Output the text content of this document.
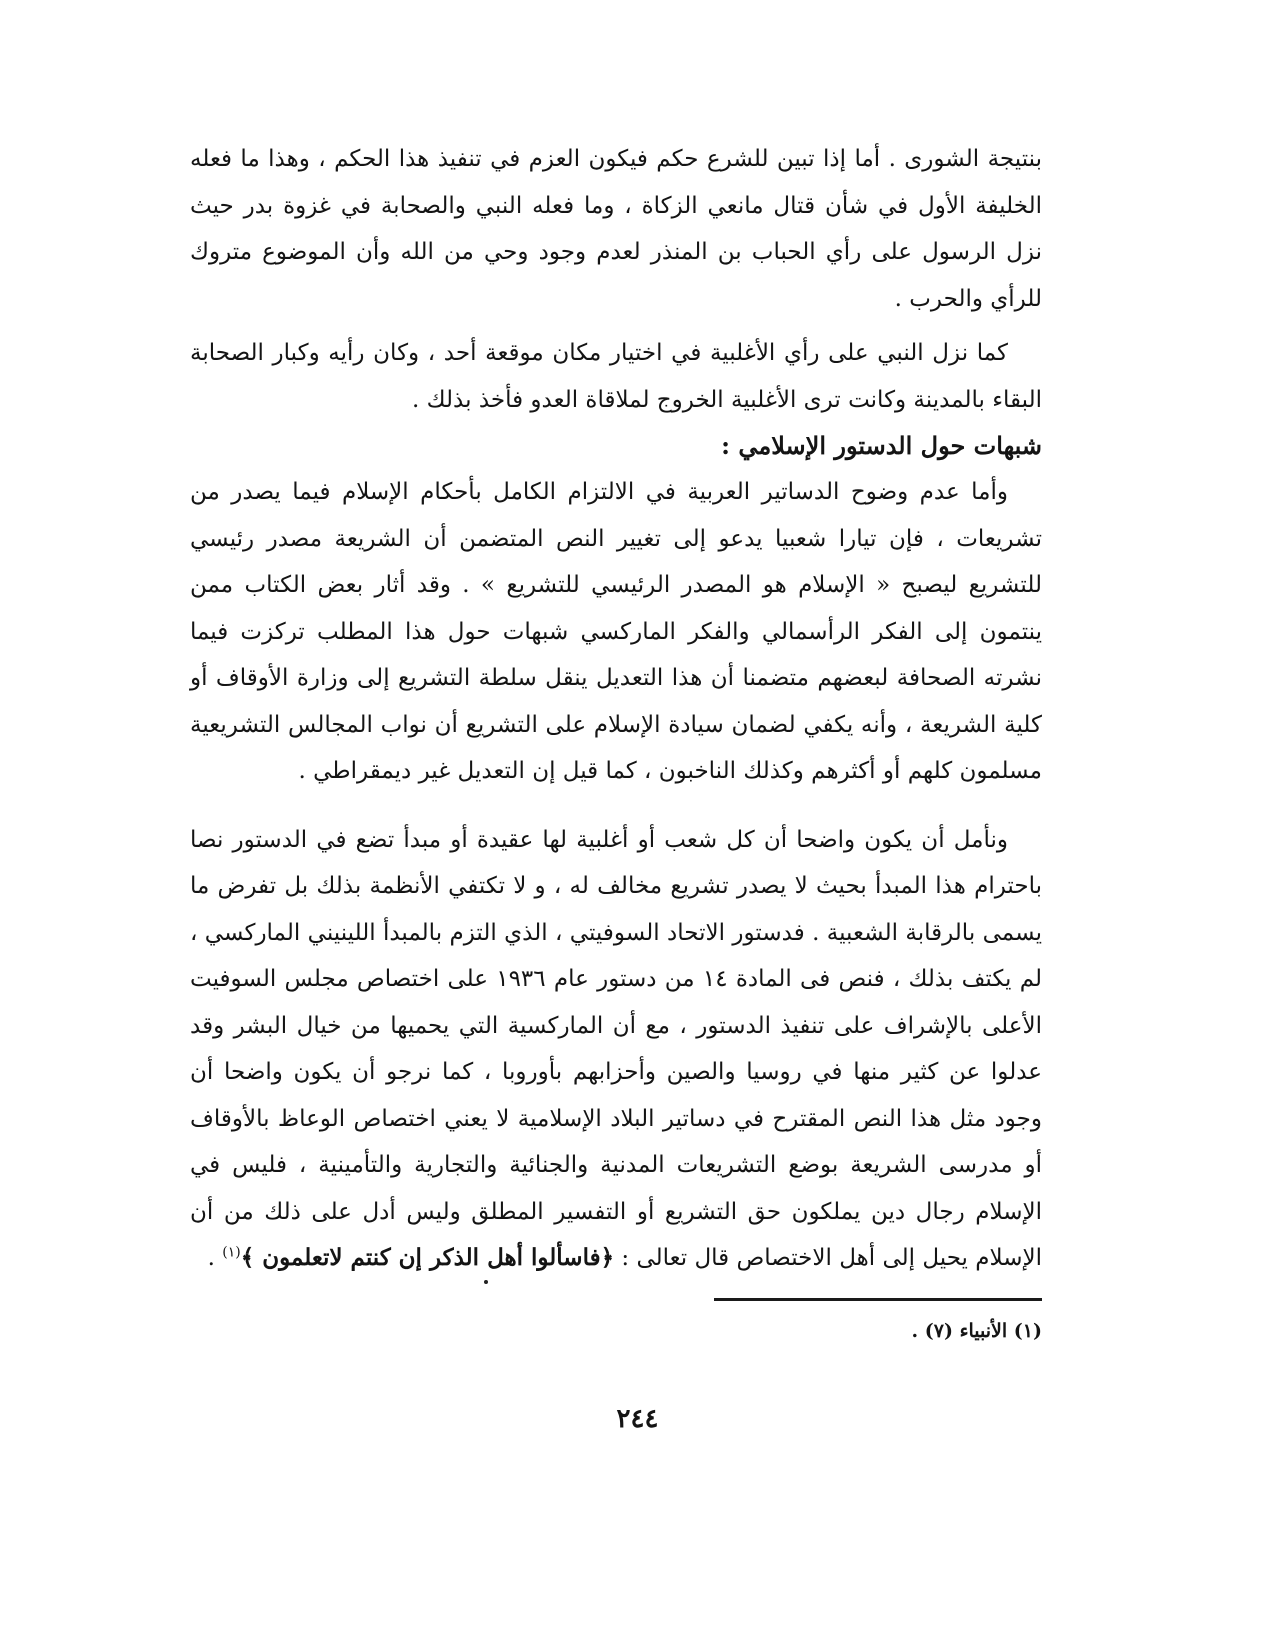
بنتيجة الشورى . أما إذا تبين للشرع حكم فيكون العزم في تنفيذ هذا الحكم ، وهذا ما فعله الخليفة الأول في شأن قتال مانعي الزكاة ، وما فعله النبي والصحابة في غزوة بدر حيث نزل الرسول على رأي الحباب بن المنذر لعدم وجود وحي من الله وأن الموضوع متروك للرأي والحرب .

كما نزل النبي على رأي الأغلبية في اختيار مكان موقعة أحد ، وكان رأيه وكبار الصحابة البقاء بالمدينة وكانت ترى الأغلبية الخروج لملاقاة العدو فأخذ بذلك .

شبهات حول الدستور الإسلامي :

وأما عدم وضوح الدساتير العربية في الالتزام الكامل بأحكام الإسلام فيما يصدر من تشريعات ، فإن تيارا شعبيا يدعو إلى تغيير النص المتضمن أن الشريعة مصدر رئيسي للتشريع ليصبح « الإسلام هو المصدر الرئيسي للتشريع » . وقد أثار بعض الكتاب ممن ينتمون إلى الفكر الرأسمالي والفكر الماركسي شبهات حول هذا المطلب تركزت فيما نشرته الصحافة لبعضهم متضمنا أن هذا التعديل ينقل سلطة التشريع إلى وزارة الأوقاف أو كلية الشريعة ، وأنه يكفي لضمان سيادة الإسلام على التشريع أن نواب المجالس التشريعية مسلمون كلهم أو أكثرهم وكذلك الناخبون ، كما قيل إن التعديل غير ديمقراطي .

ونأمل أن يكون واضحا أن كل شعب أو أغلبية لها عقيدة أو مبدأ تضع في الدستور نصا باحترام هذا المبدأ بحيث لا يصدر تشريع مخالف له ، و لا تكتفي الأنظمة بذلك بل تفرض ما يسمى بالرقابة الشعبية . فدستور الاتحاد السوفيتي ، الذي التزم بالمبدأ اللينيني الماركسي ، لم يكتف بذلك ، فنص فى المادة ١٤ من دستور عام ١٩٣٦ على اختصاص مجلس السوفيت الأعلى بالإشراف على تنفيذ الدستور ، مع أن الماركسية التي يحميها من خيال البشر وقد عدلوا عن كثير منها في روسيا والصين وأحزابهم بأوروبا ، كما نرجو أن يكون واضحا أن وجود مثل هذا النص المقترح في دساتير البلاد الإسلامية لا يعني اختصاص الوعاظ بالأوقاف أو مدرسى الشريعة بوضع التشريعات المدنية والجنائية والتجارية والتأمينية ، فليس في الإسلام رجال دين يملكون حق التشريع أو التفسير المطلق وليس أدل على ذلك من أن الإسلام يحيل إلى أهل الاختصاص قال تعالى : ﴿فاسألوا أهل الذكر إن كنتم لاتعلمون ﴾$^{(١)}$ .

(١) الأنبياء (٧) .
٢٤٤
